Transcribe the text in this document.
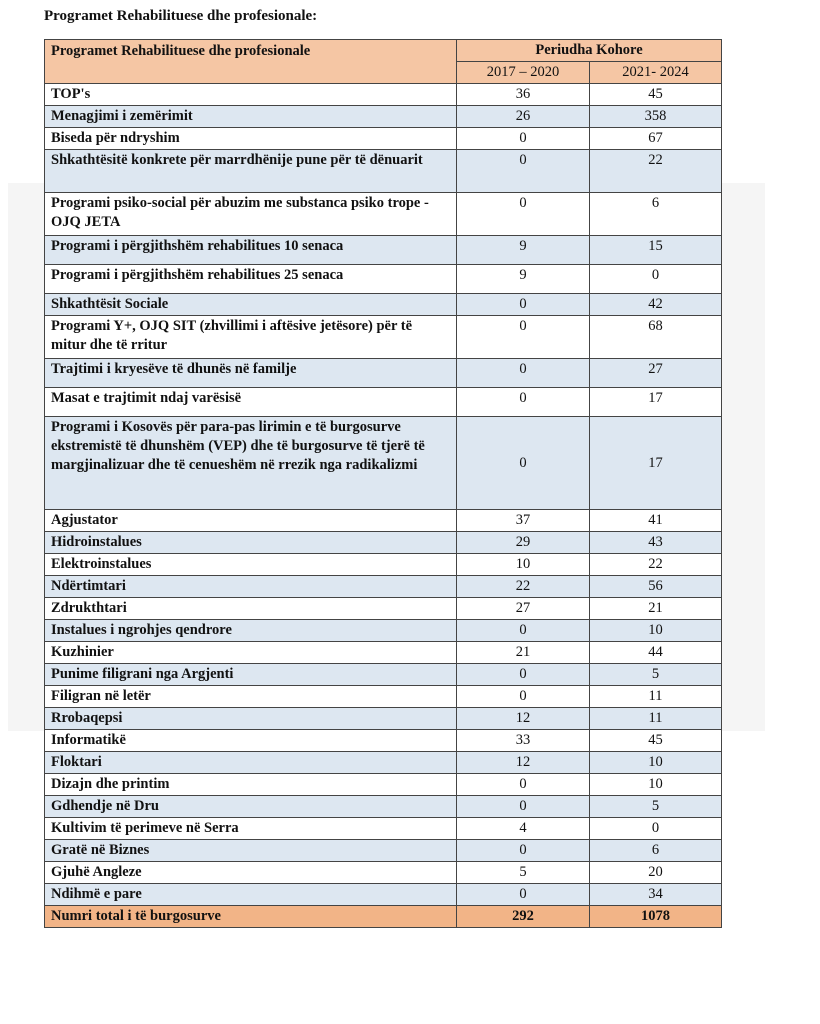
Programet Rehabilituese dhe profesionale:
Programet Rehabilituese dhe profesionale	Periudha Kohore	
	2017 – 2020	2021- 2024
TOP's	36	45
Menagjimi i zemërimit	26	358
Biseda për ndryshim	0	67
Shkathtësitë konkrete për marrdhënije pune për të dënuarit	0	22
Programi psiko-social për abuzim me substanca psiko trope -OJQ JETA	0	6
Programi i përgjithshëm rehabilitues 10 senaca	9	15
Programi i përgjithshëm rehabilitues 25 senaca	9	0
Shkathtësit Sociale	0	42
Programi Y+, OJQ SIT (zhvillimi i aftësive jetësore) për të mitur dhe të rritur	0	68
Trajtimi i kryesëve të dhunës në familje	0	27
Masat e trajtimit ndaj varësisë	0	17
Programi i Kosovës për para-pas lirimin e të burgosurve ekstremistë të dhunshëm (VEP) dhe të burgosurve të tjerë të margjinalizuar dhe të cenueshëm në rrezik nga radikalizmi	0	17
Agjustator	37	41
Hidroinstalues	29	43
Elektroinstalues	10	22
Ndërtimtari	22	56
Zdrukthtari	27	21
Instalues i ngrohjes qendrore	0	10
Kuzhinier	21	44
Punime filigrani nga Argjenti	0	5
Filigran në letër	0	11
Rrobaqepsi	12	11
Informatikë	33	45
Floktari	12	10
Dizajn dhe printim	0	10
Gdhendje në Dru	0	5
Kultivim të perimeve në Serra	4	0
Gratë në Biznes	0	6
Gjuhë Angleze	5	20
Ndihmë e pare	0	34
Numri total i të burgosurve	292	1078
